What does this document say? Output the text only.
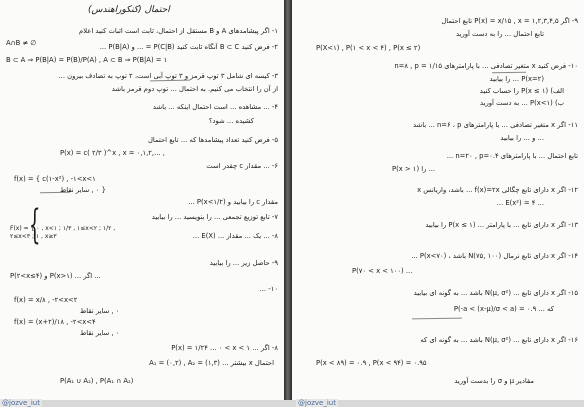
احتمال (کنکوراهندس)
۱- اگر پیشامدهای A و B مستقل از احتمال، ثابت است اثبات کنید اعلام
A∩B ≠ ∅	۲- فرض کنید B ⊂ C آنگاه ثابت کنید P(C|B) = ... و P(B|A) ...
B ⊂ A ⇒ P(B|A) = P(B)/P(A) , A ⊂ B ⇒ P(B|A) = ۱
۳- کیسه ای شامل ۳ توپ قرمز و ۳ توپ آبی است، ۲ توپ به تصادف بیرون ...
از آن را انتخاب می کنیم. به احتمال ... توپ دوم قرمز باشد
۴- ... مشاهده ... است احتمال اینکه ... باشد
کشیده ... شود؟
۵- فرض کنید تعداد پیشامدها که ... تابع احتمال
P(x) = c( ۲/۳ )^x , x = ۰,۱,۲,... ,
۶- ... مقدار c چقدر است
f(x) = { c(۱-x²) , -۱<x<۱
{ ۰ , سایر نقاط
مقدار c را بیابید و P(x<۱/۲) ...
۷- تابع توزیع تجمعی ... را بنویسید ... را بیابید
{
F(x) = { ۰ , x<۱ ; ۱/۳ , ۱≤x<۲ ; ۱/۲ , ۲≤x<۳ ; ۱ , x≥۳	۸- ... یک ... مقدار ... E(X) ...
۹- حاصل زیر ... را بیابید
P(۲<x≤۴) و P(x>۱) ... اگر ...
۱۰- ...
f(x) = x/۸ , -۲<x<۲
۰ , سایر نقاط
f(x) = (x+۲)/۱۸ , -۲<x<۴
۰ , سایر نقاط
۸- اگر ... P(x) = ۱/۲۴ ... ۰ < x < ۱
احتمال x بیشتر ... A₁ = (۰,۲) , A₂ = (۱,۳)
P(A₁ ∪ A₂) , P(A₁ ∩ A₂)
۹- اگر P(x) = x/۱۵ , x = ۱,۲,۳,۴,۵ تابع احتمال
تابع احتمال ... را به دست آورید
P(X<۱) , P(۱ < x < ۴) , P(x ≤ ۲)
۱۰- فرض کنید x متغیر تصادفی ... با پارامترهای n=۸ , p = ۱/۱۵
P(x=۲) ... را بیابید
الف) P(x ≤ ۱) را حساب کنید
ب) P(x<۱) ... به دست آورید
۱۱- اگر x متغیر تصادفی ... با پارامترهای n=۶ ، p ... باشد
... و ... را بیابید
تابع احتمال ... با پارامترهای n=۲۰ , p=۰.۴ ...
P(x > ۱) را ...
۱۲- اگر x دارای تابع چگالی f(x)=۲x ... باشد، واریانس x
... E(x²) = ۴ ...
۱۳- اگر x دارای تابع ... با پارامتر ... P(x ≤ ۱) را بیابید
۱۴- اگر x دارای تابع نرمال N(۷۵, ۱۰۰) باشد ، P(x<۷۰) ...
P(۷۰ < x < ۱۰۰) ...
۱۵- اگر x دارای تابع ... N(μ, σ²) باشد ... به گونه ای بیابید
که ... P(-a < (x-μ)/σ < a) = ۰.۹
۱۶- اگر x دارای تابع ... N(μ, σ²) باشد ... به گونه ای که
P(x < ۸۹) = ۰.۹ , P(x < ۹۴) = ۰.۹۵
مقادیر μ و σ را بدست آورید
@jozve_iut	@jozve_iut
